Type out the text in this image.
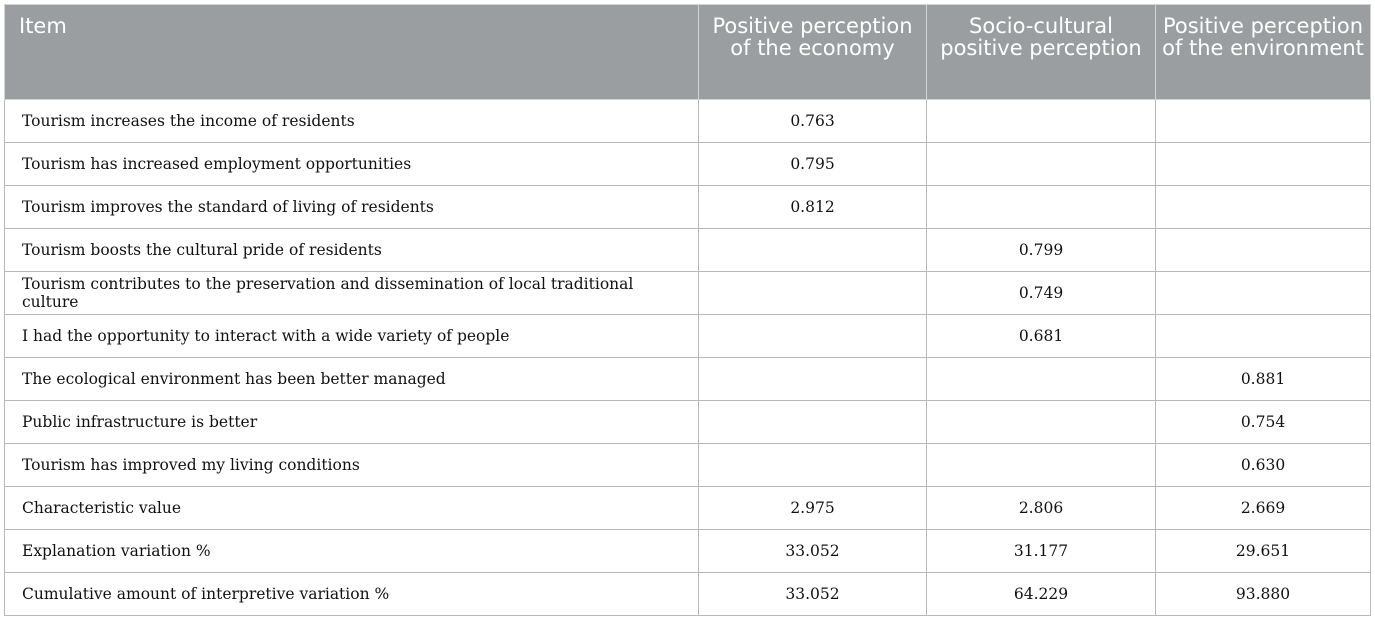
Item	Positive perception of the economy	Socio-cultural positive perception	Positive perception of the environment
Tourism increases the income of residents	0.763		
Tourism has increased employment opportunities	0.795		
Tourism improves the standard of living of residents	0.812		
Tourism boosts the cultural pride of residents		0.799	
Tourism contributes to the preservation and dissemination of local traditional culture		0.749	
I had the opportunity to interact with a wide variety of people		0.681	
The ecological environment has been better managed			0.881
Public infrastructure is better			0.754
Tourism has improved my living conditions			0.630
Characteristic value	2.975	2.806	2.669
Explanation variation %	33.052	31.177	29.651
Cumulative amount of interpretive variation %	33.052	64.229	93.880
